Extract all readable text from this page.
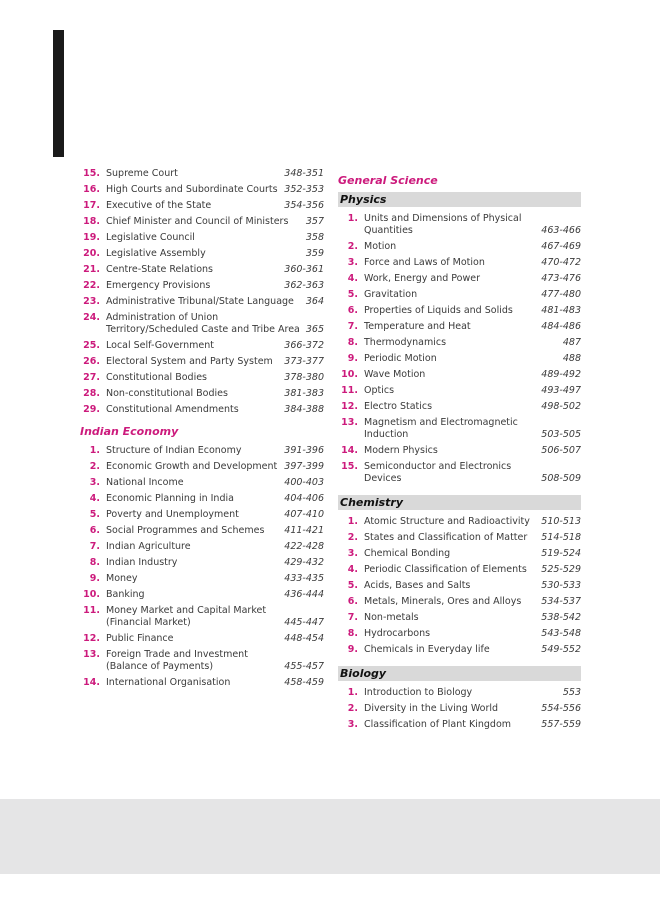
15. Supreme Court	348-351
16. High Courts and Subordinate Courts 352-353
17. Executive of the State	354-356
18. Chief Minister and Council of Ministers	357
19. Legislative Council	358
20. Legislative Assembly	359
21. Centre-State Relations	360-361
22. Emergency Provisions	362-363
23. Administrative Tribunal/State Language	364
24. Administration of Union Territory/Scheduled Caste and Tribe Area 365
25. Local Self-Government	366-372
26. Electoral System and Party System	373-377
27. Constitutional Bodies	378-380
28. Non-constitutional Bodies	381-383
29. Constitutional Amendments	384-388
Indian Economy
1. Structure of Indian Economy	391-396
2. Economic Growth and Development 397-399
3. National Income	400-403
4. Economic Planning in India	404-406
5. Poverty and Unemployment	407-410
6. Social Programmes and Schemes	411-421
7. Indian Agriculture	422-428
8. Indian Industry	429-432
9. Money	433-435
10. Banking	436-444
11. Money Market and Capital Market (Financial Market)	445-447
12. Public Finance	448-454
13. Foreign Trade and Investment (Balance of Payments)	455-457
14. International Organisation	458-459
General Science
Physics
1. Units and Dimensions of Physical Quantities	463-466
2. Motion	467-469
3. Force and Laws of Motion	470-472
4. Work, Energy and Power	473-476
5. Gravitation	477-480
6. Properties of Liquids and Solids	481-483
7. Temperature and Heat	484-486
8. Thermodynamics	487
9. Periodic Motion	488
10. Wave Motion	489-492
11. Optics	493-497
12. Electro Statics	498-502
13. Magnetism and Electromagnetic Induction	503-505
14. Modern Physics	506-507
15. Semiconductor and Electronics Devices	508-509
Chemistry
1. Atomic Structure and Radioactivity	510-513
2. States and Classification of Matter	514-518
3. Chemical Bonding	519-524
4. Periodic Classification of Elements	525-529
5. Acids, Bases and Salts	530-533
6. Metals, Minerals, Ores and Alloys	534-537
7. Non-metals	538-542
8. Hydrocarbons	543-548
9. Chemicals in Everyday life	549-552
Biology
1. Introduction to Biology	553
2. Diversity in the Living World	554-556
3. Classification of Plant Kingdom	557-559
